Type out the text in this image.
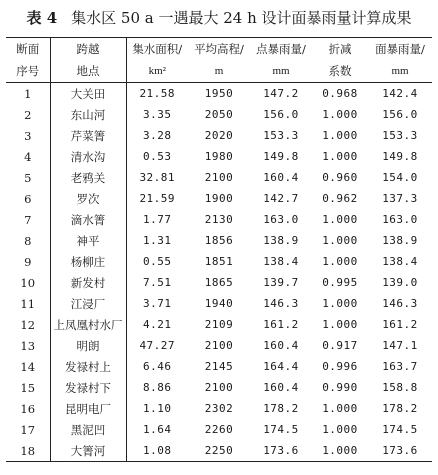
表 4 集水区 50 a 一遇最大 24 h 设计面暴雨量计算成果
断面	跨越	集水面积/	平均高程/	点暴雨量/	折减	面暴雨量/
序号	地点	km²	m	mm	系数	mm
1	大关田	21.58	1950	147.2	0.968	142.4
2	东山河	3.35	2050	156.0	1.000	156.0
3	芹菜箐	3.28	2020	153.3	1.000	153.3
4	清水沟	0.53	1980	149.8	1.000	149.8
5	老鸦关	32.81	2100	160.4	0.960	154.0
6	罗次	21.59	1900	142.7	0.962	137.3
7	滴水箐	1.77	2130	163.0	1.000	163.0
8	神平	1.31	1856	138.9	1.000	138.9
9	杨柳庄	0.55	1851	138.4	1.000	138.4
10	新发村	7.51	1865	139.7	0.995	139.0
11	江浸厂	3.71	1940	146.3	1.000	146.3
12	上凤凰村水厂	4.21	2109	161.2	1.000	161.2
13	明朗	47.27	2100	160.4	0.917	147.1
14	发禄村上	6.46	2145	164.4	0.996	163.7
15	发禄村下	8.86	2100	160.4	0.990	158.8
16	昆明电厂	1.10	2302	178.2	1.000	178.2
17	黑泥凹	1.64	2260	174.5	1.000	174.5
18	大箐河	1.08	2250	173.6	1.000	173.6
